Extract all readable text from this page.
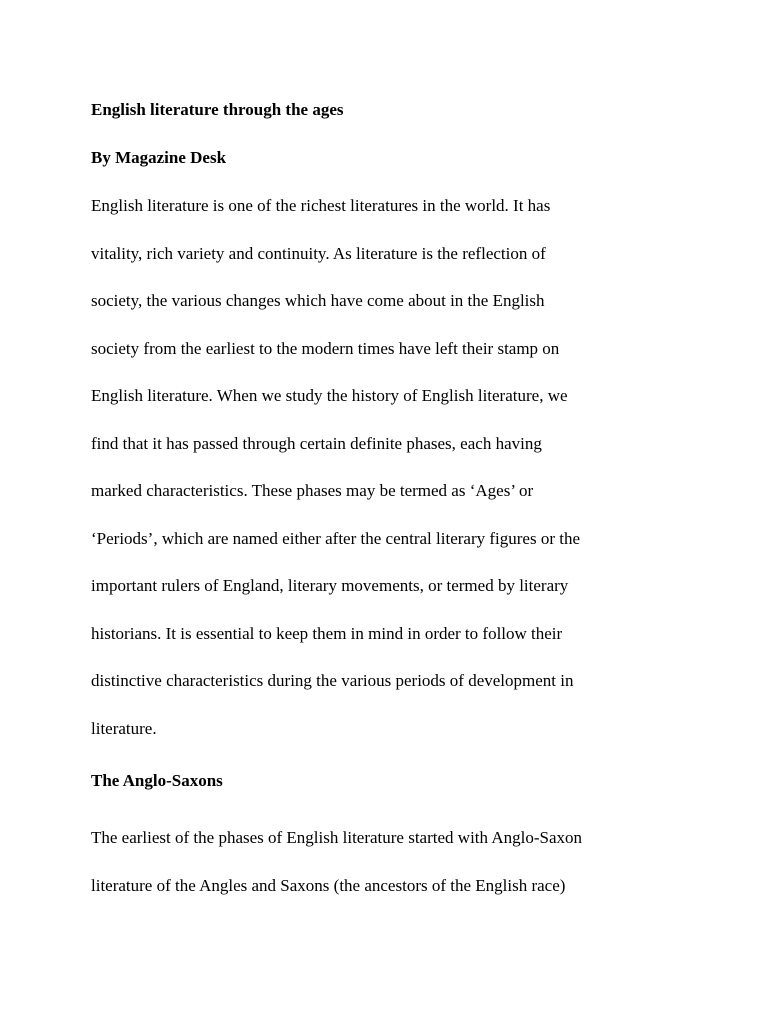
English literature through the ages
By Magazine Desk
English literature is one of the richest literatures in the world. It has
vitality, rich variety and continuity. As literature is the reflection of
society, the various changes which have come about in the English
society from the earliest to the modern times have left their stamp on
English literature. When we study the history of English literature, we
find that it has passed through certain definite phases, each having
marked characteristics. These phases may be termed as ‘Ages’ or
‘Periods’, which are named either after the central literary figures or the
important rulers of England, literary movements, or termed by literary
historians. It is essential to keep them in mind in order to follow their
distinctive characteristics during the various periods of development in
literature.
The Anglo-Saxons
The earliest of the phases of English literature started with Anglo-Saxon
literature of the Angles and Saxons (the ancestors of the English race)
